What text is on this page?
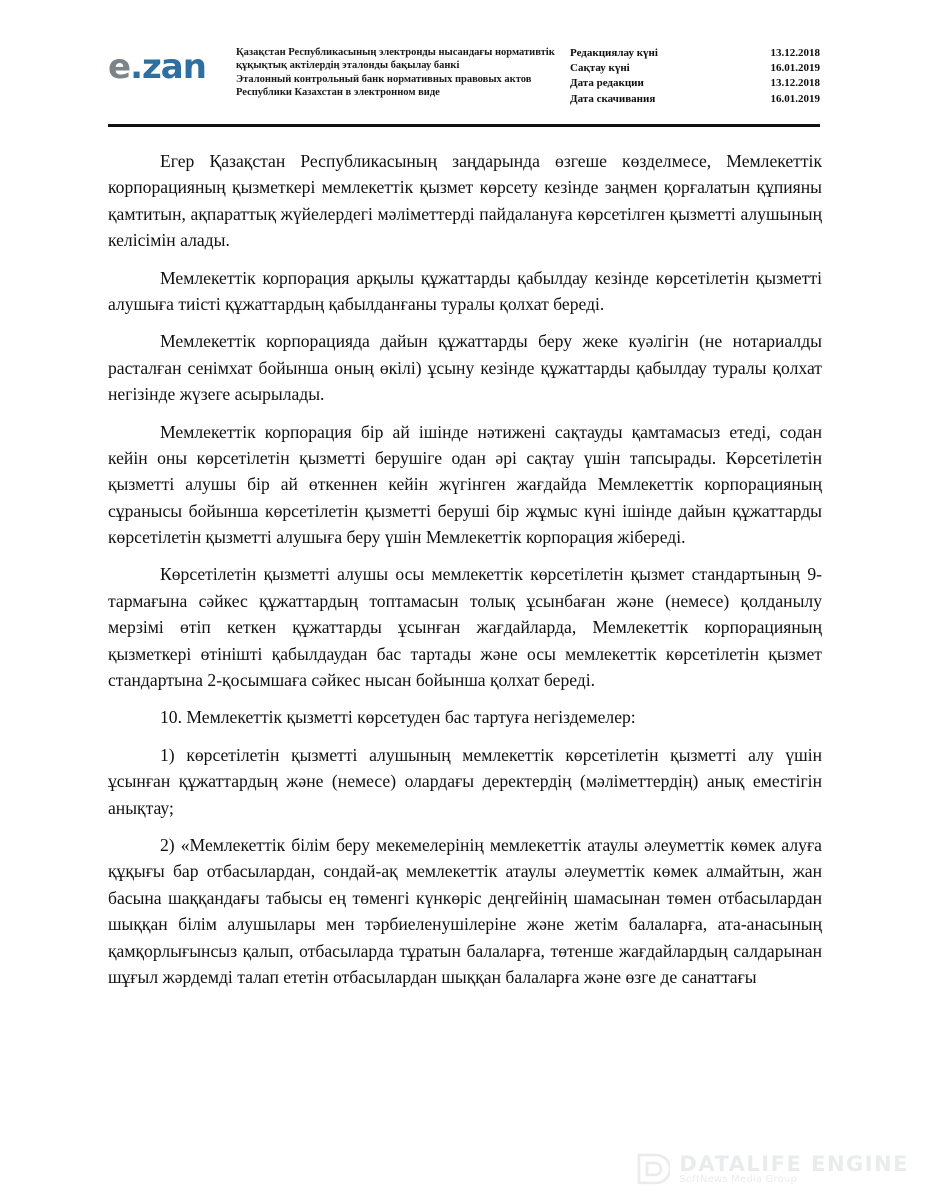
e.zan	Қазақстан Республикасының электронды нысандағы нормативтік құқықтық актілердің эталонды бақылау банкі
Эталонный контрольный банк нормативных правовых актов Республики Казахстан в электронном виде
Редакциялау күні	13.12.2018
Сақтау күні	16.01.2019
Дата редакции	13.12.2018
Дата скачивания	16.01.2019

Егер Қазақстан Республикасының заңдарында өзгеше көзделмесе, Мемлекеттік корпорацияның қызметкері мемлекеттік қызмет көрсету кезінде заңмен қорғалатын құпияны қамтитын, ақпараттық жүйелердегі мәліметтерді пайдалануға көрсетілген қызметті алушының келісімін алады.

Мемлекеттік корпорация арқылы құжаттарды қабылдау кезінде көрсетілетін қызметті алушыға тиісті құжаттардың қабылданғаны туралы қолхат береді.

Мемлекеттік корпорацияда дайын құжаттарды беру жеке куәлігін (не нотариалды расталған сенімхат бойынша оның өкілі) ұсыну кезінде құжаттарды қабылдау туралы қолхат негізінде жүзеге асырылады.

Мемлекеттік корпорация бір ай ішінде нәтижені сақтауды қамтамасыз етеді, содан кейін оны көрсетілетін қызметті берушіге одан әрі сақтау үшін тапсырады. Көрсетілетін қызметті алушы бір ай өткеннен кейін жүгінген жағдайда Мемлекеттік корпорацияның сұранысы бойынша көрсетілетін қызметті беруші бір жұмыс күні ішінде дайын құжаттарды көрсетілетін қызметті алушыға беру үшін Мемлекеттік корпорация жібереді.

Көрсетілетін қызметті алушы осы мемлекеттік көрсетілетін қызмет стандартының 9-тармағына сәйкес құжаттардың топтамасын толық ұсынбаған және (немесе) қолданылу мерзімі өтіп кеткен құжаттарды ұсынған жағдайларда, Мемлекеттік корпорацияның қызметкері өтінішті қабылдаудан бас тартады және осы мемлекеттік көрсетілетін қызмет стандартына 2-қосымшаға сәйкес нысан бойынша қолхат береді.

10. Мемлекеттік қызметті көрсетуден бас тартуға негіздемелер:

1) көрсетілетін қызметті алушының мемлекеттік көрсетілетін қызметті алу үшін ұсынған құжаттардың және (немесе) олардағы деректердің (мәліметтердің) анық еместігін анықтау;

2) «Мемлекеттік білім беру мекемелерінің мемлекеттік атаулы әлеуметтік көмек алуға құқығы бар отбасылардан, сондай-ақ мемлекеттік атаулы әлеуметтік көмек алмайтын, жан басына шаққандағы табысы ең төменгі күнкөріс деңгейінің шамасынан төмен отбасылардан шыққан білім алушылары мен тәрбиеленушілеріне және жетім балаларға, ата-анасының қамқорлығынсыз қалып, отбасыларда тұратын балаларға, төтенше жағдайлардың салдарынан шұғыл жәрдемді талап ететін отбасылардан шыққан балаларға және өзге де санаттағы

DATALIFE ENGINE
SoftNews Media Group
